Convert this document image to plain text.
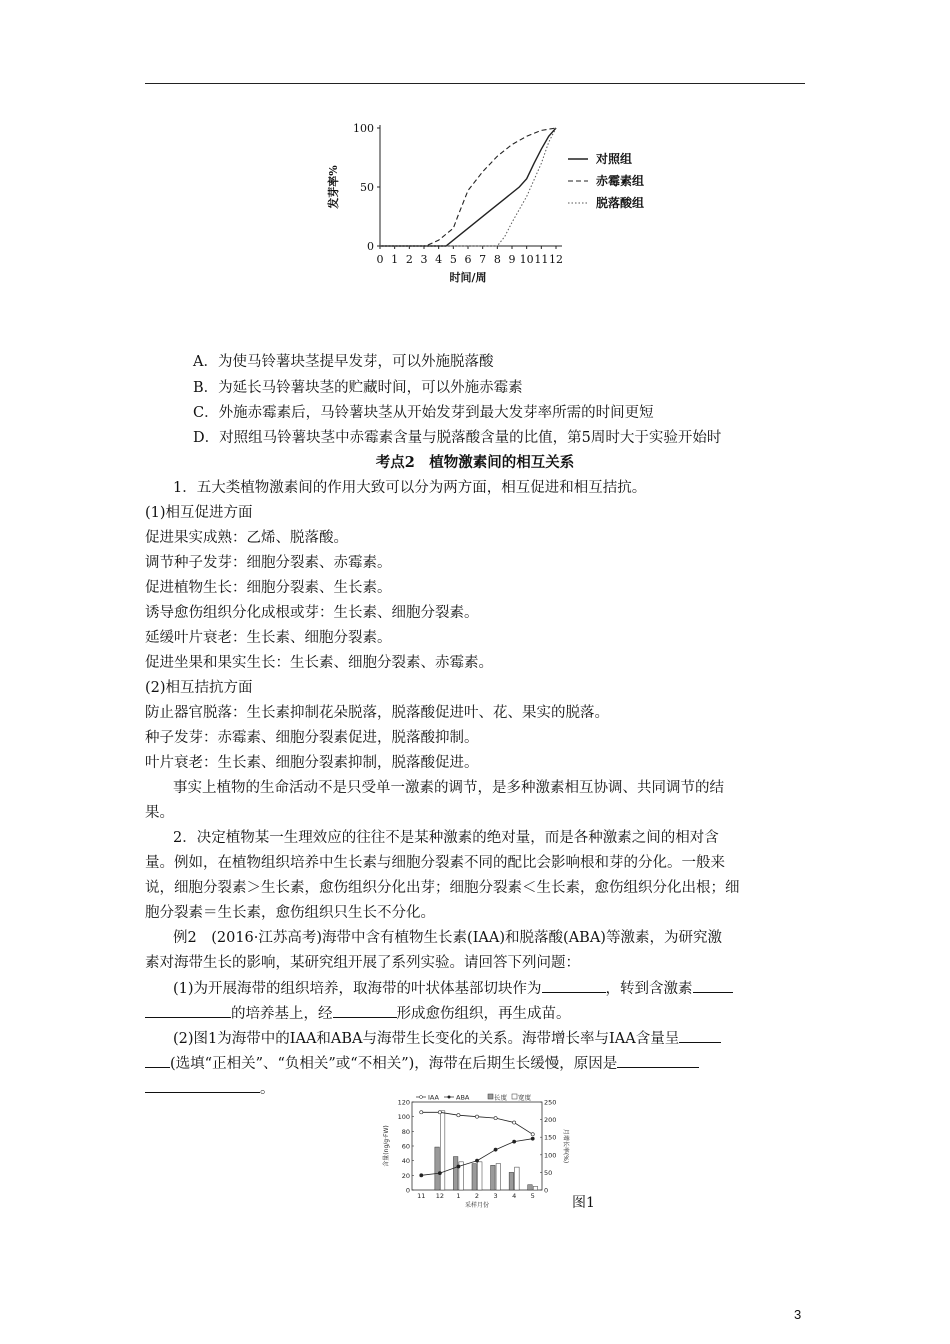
0 1 2 3 4 5 6 7 8 9 10 11 12
0
50
100
发芽率%
时间/周
对照组
赤霉素组
脱落酸组
A．为使马铃薯块茎提早发芽，可以外施脱落酸
B．为延长马铃薯块茎的贮藏时间，可以外施赤霉素
C．外施赤霉素后，马铃薯块茎从开始发芽到最大发芽率所需的时间更短
D．对照组马铃薯块茎中赤霉素含量与脱落酸含量的比值，第5周时大于实验开始时
考点2　植物激素间的相互关系
1．五大类植物激素间的作用大致可以分为两方面，相互促进和相互拮抗。
(1)相互促进方面
促进果实成熟：乙烯、脱落酸。
调节种子发芽：细胞分裂素、赤霉素。
促进植物生长：细胞分裂素、生长素。
诱导愈伤组织分化成根或芽：生长素、细胞分裂素。
延缓叶片衰老：生长素、细胞分裂素。
促进坐果和果实生长：生长素、细胞分裂素、赤霉素。
(2)相互拮抗方面
防止器官脱落：生长素抑制花朵脱落，脱落酸促进叶、花、果实的脱落。
种子发芽：赤霉素、细胞分裂素促进，脱落酸抑制。
叶片衰老：生长素、细胞分裂素抑制，脱落酸促进。
事实上植物的生命活动不是只受单一激素的调节，是多种激素相互协调、共同调节的结
果。
2．决定植物某一生理效应的往往不是某种激素的绝对量，而是各种激素之间的相对含
量。例如，在植物组织培养中生长素与细胞分裂素不同的配比会影响根和芽的分化。一般来
说，细胞分裂素＞生长素，愈伤组织分化出芽；细胞分裂素＜生长素，愈伤组织分化出根；细
胞分裂素＝生长素，愈伤组织只生长不分化。
例2　(2016·江苏高考)海带中含有植物生长素(IAA)和脱落酸(ABA)等激素，为研究激
素对海带生长的影响，某研究组开展了系列实验。请回答下列问题：
(1)为开展海带的组织培养，取海带的叶状体基部切块作为	，转到含激素
的培养基上，经	形成愈伤组织，再生成苗。
(2)图1为海带中的IAA和ABA与海带生长变化的关系。海带增长率与IAA含量呈
(选填“正相关”、“负相关”或“不相关”)，海带在后期生长缓慢，原因是
。
0
20
40
60
80
100
120
0
50
100
150
200
250
11 12 1 2 3 4 5
采样月份
含量(ng/g·FW)	月增长率(%)
IAA	ABA	长度 宽度
图1
3
